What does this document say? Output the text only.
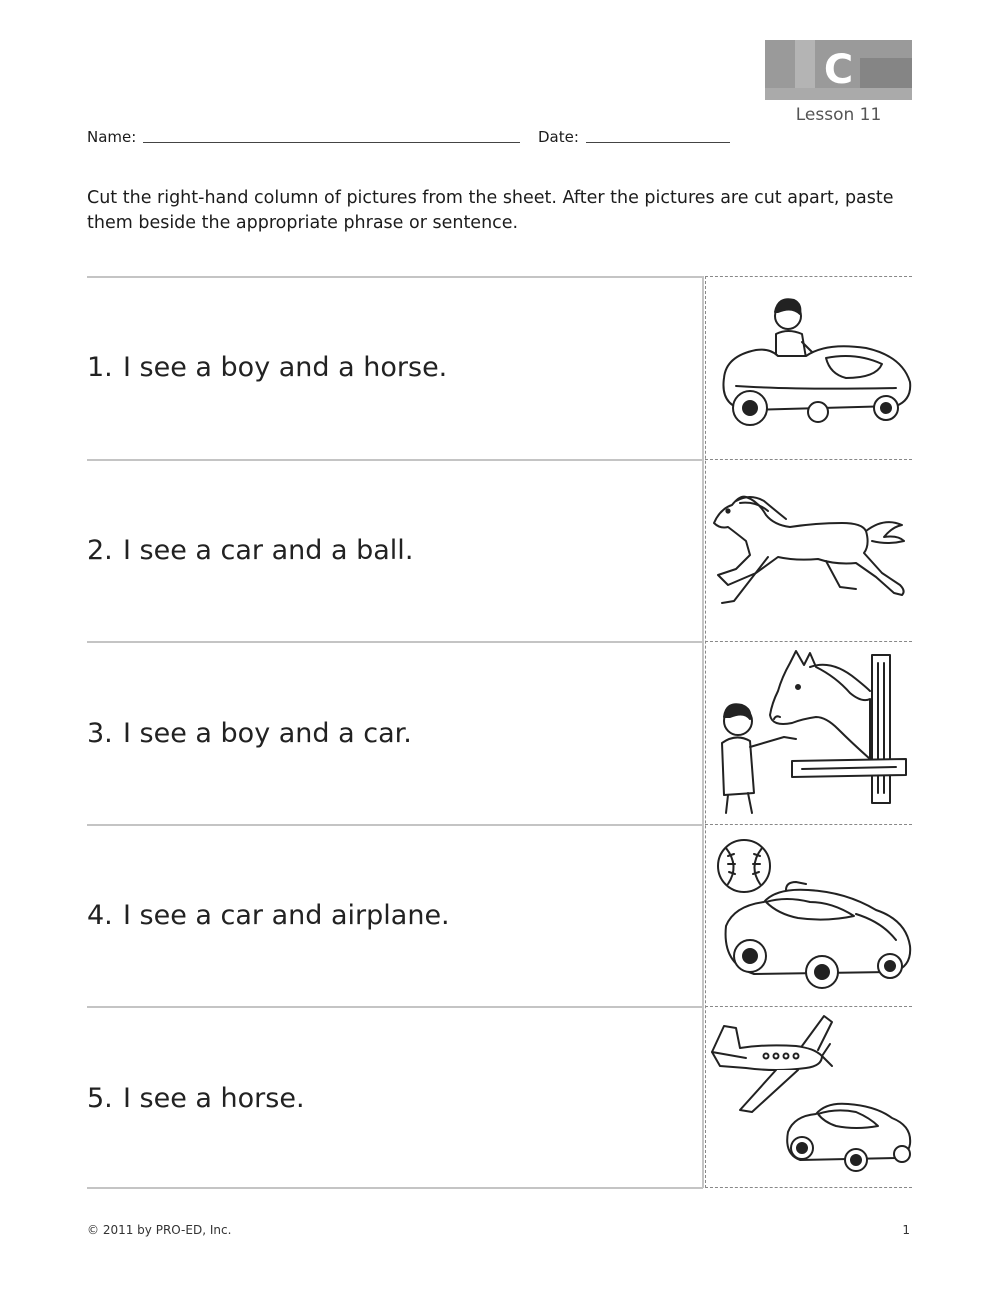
C
Lesson 11
Name:	Date:
Cut the right-hand column of pictures from the sheet. After the pictures are cut apart, paste them beside the appropriate phrase or sentence.
1. I see a boy and a horse.
2. I see a car and a ball.
3. I see a boy and a car.
4. I see a car and airplane.
5. I see a horse.
© 2011 by PRO-ED, Inc.	1
